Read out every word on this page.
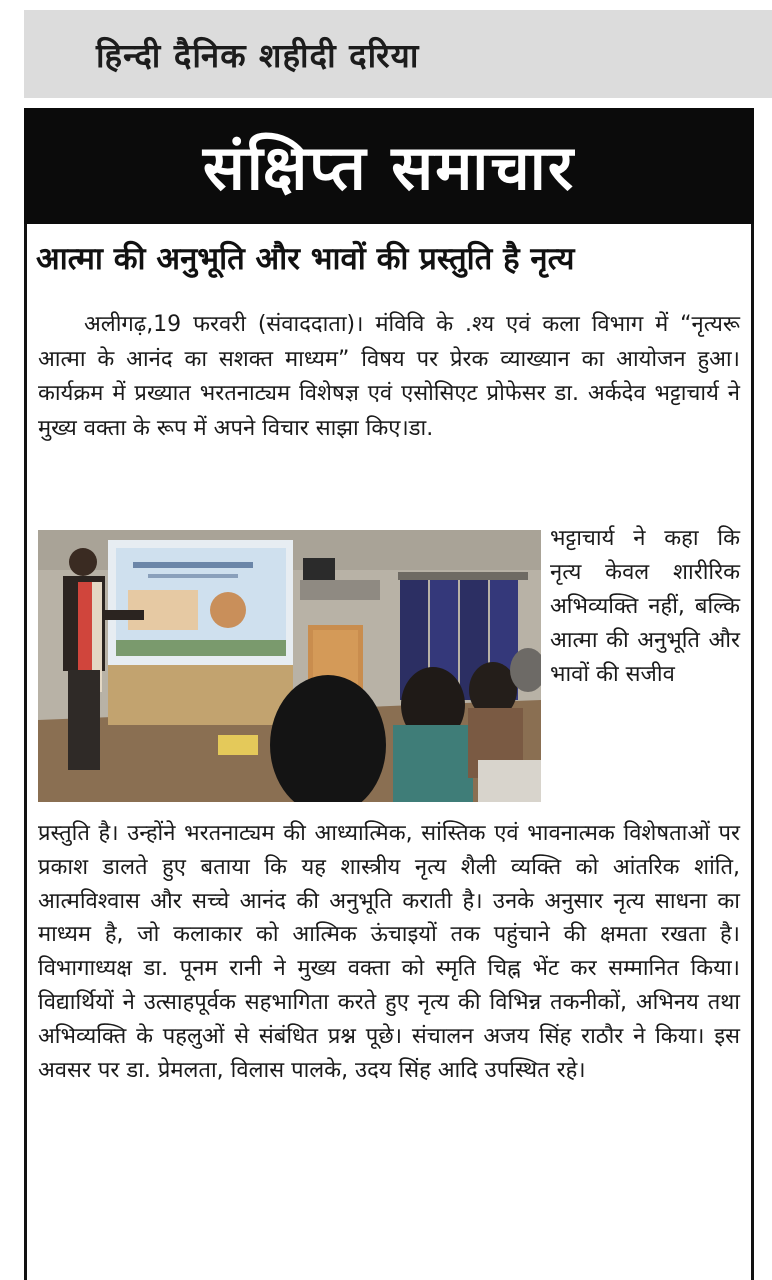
हिन्दी दैनिक शहीदी दरिया
संक्षिप्त समाचार
आत्मा की अनुभूति और भावों की प्रस्तुति है नृत्य
अलीगढ़,19 फरवरी (संवाददाता)। मंविवि के .श्य एवं कला विभाग में “नृत्यरू आत्मा के आनंद का सशक्त माध्यम” विषय पर प्रेरक व्याख्यान का आयोजन हुआ। कार्यक्रम में प्रख्यात भरतनाट्यम विशेषज्ञ एवं एसोसिएट प्रोफेसर डा. अर्कदेव भट्टाचार्य ने मुख्य वक्ता के रूप में अपने विचार साझा किए।डा.
भट्टाचार्य ने कहा कि नृत्य केवल शारीरिक अभिव्यक्ति नहीं, बल्कि आत्मा की अनुभूति और भावों की सजीव
प्रस्तुति है। उन्होंने भरतनाट्यम की आध्यात्मिक, सांस्तिक एवं भावनात्मक विशेषताओं पर प्रकाश डालते हुए बताया कि यह शास्त्रीय नृत्य शैली व्यक्ति को आंतरिक शांति, आत्मविश्वास और सच्चे आनंद की अनुभूति कराती है। उनके अनुसार नृत्य साधना का माध्यम है, जो कलाकार को आत्मिक ऊंचाइयों तक पहुंचाने की क्षमता रखता है। विभागाध्यक्ष डा. पूनम रानी ने मुख्य वक्ता को स्मृति चिह्न भेंट कर सम्मानित किया। विद्यार्थियों ने उत्साहपूर्वक सहभागिता करते हुए नृत्य की विभिन्न तकनीकों, अभिनय तथा अभिव्यक्ति के पहलुओं से संबंधित प्रश्न पूछे। संचालन अजय सिंह राठौर ने किया। इस अवसर पर डा. प्रेमलता, विलास पालके, उदय सिंह आदि उपस्थित रहे।
